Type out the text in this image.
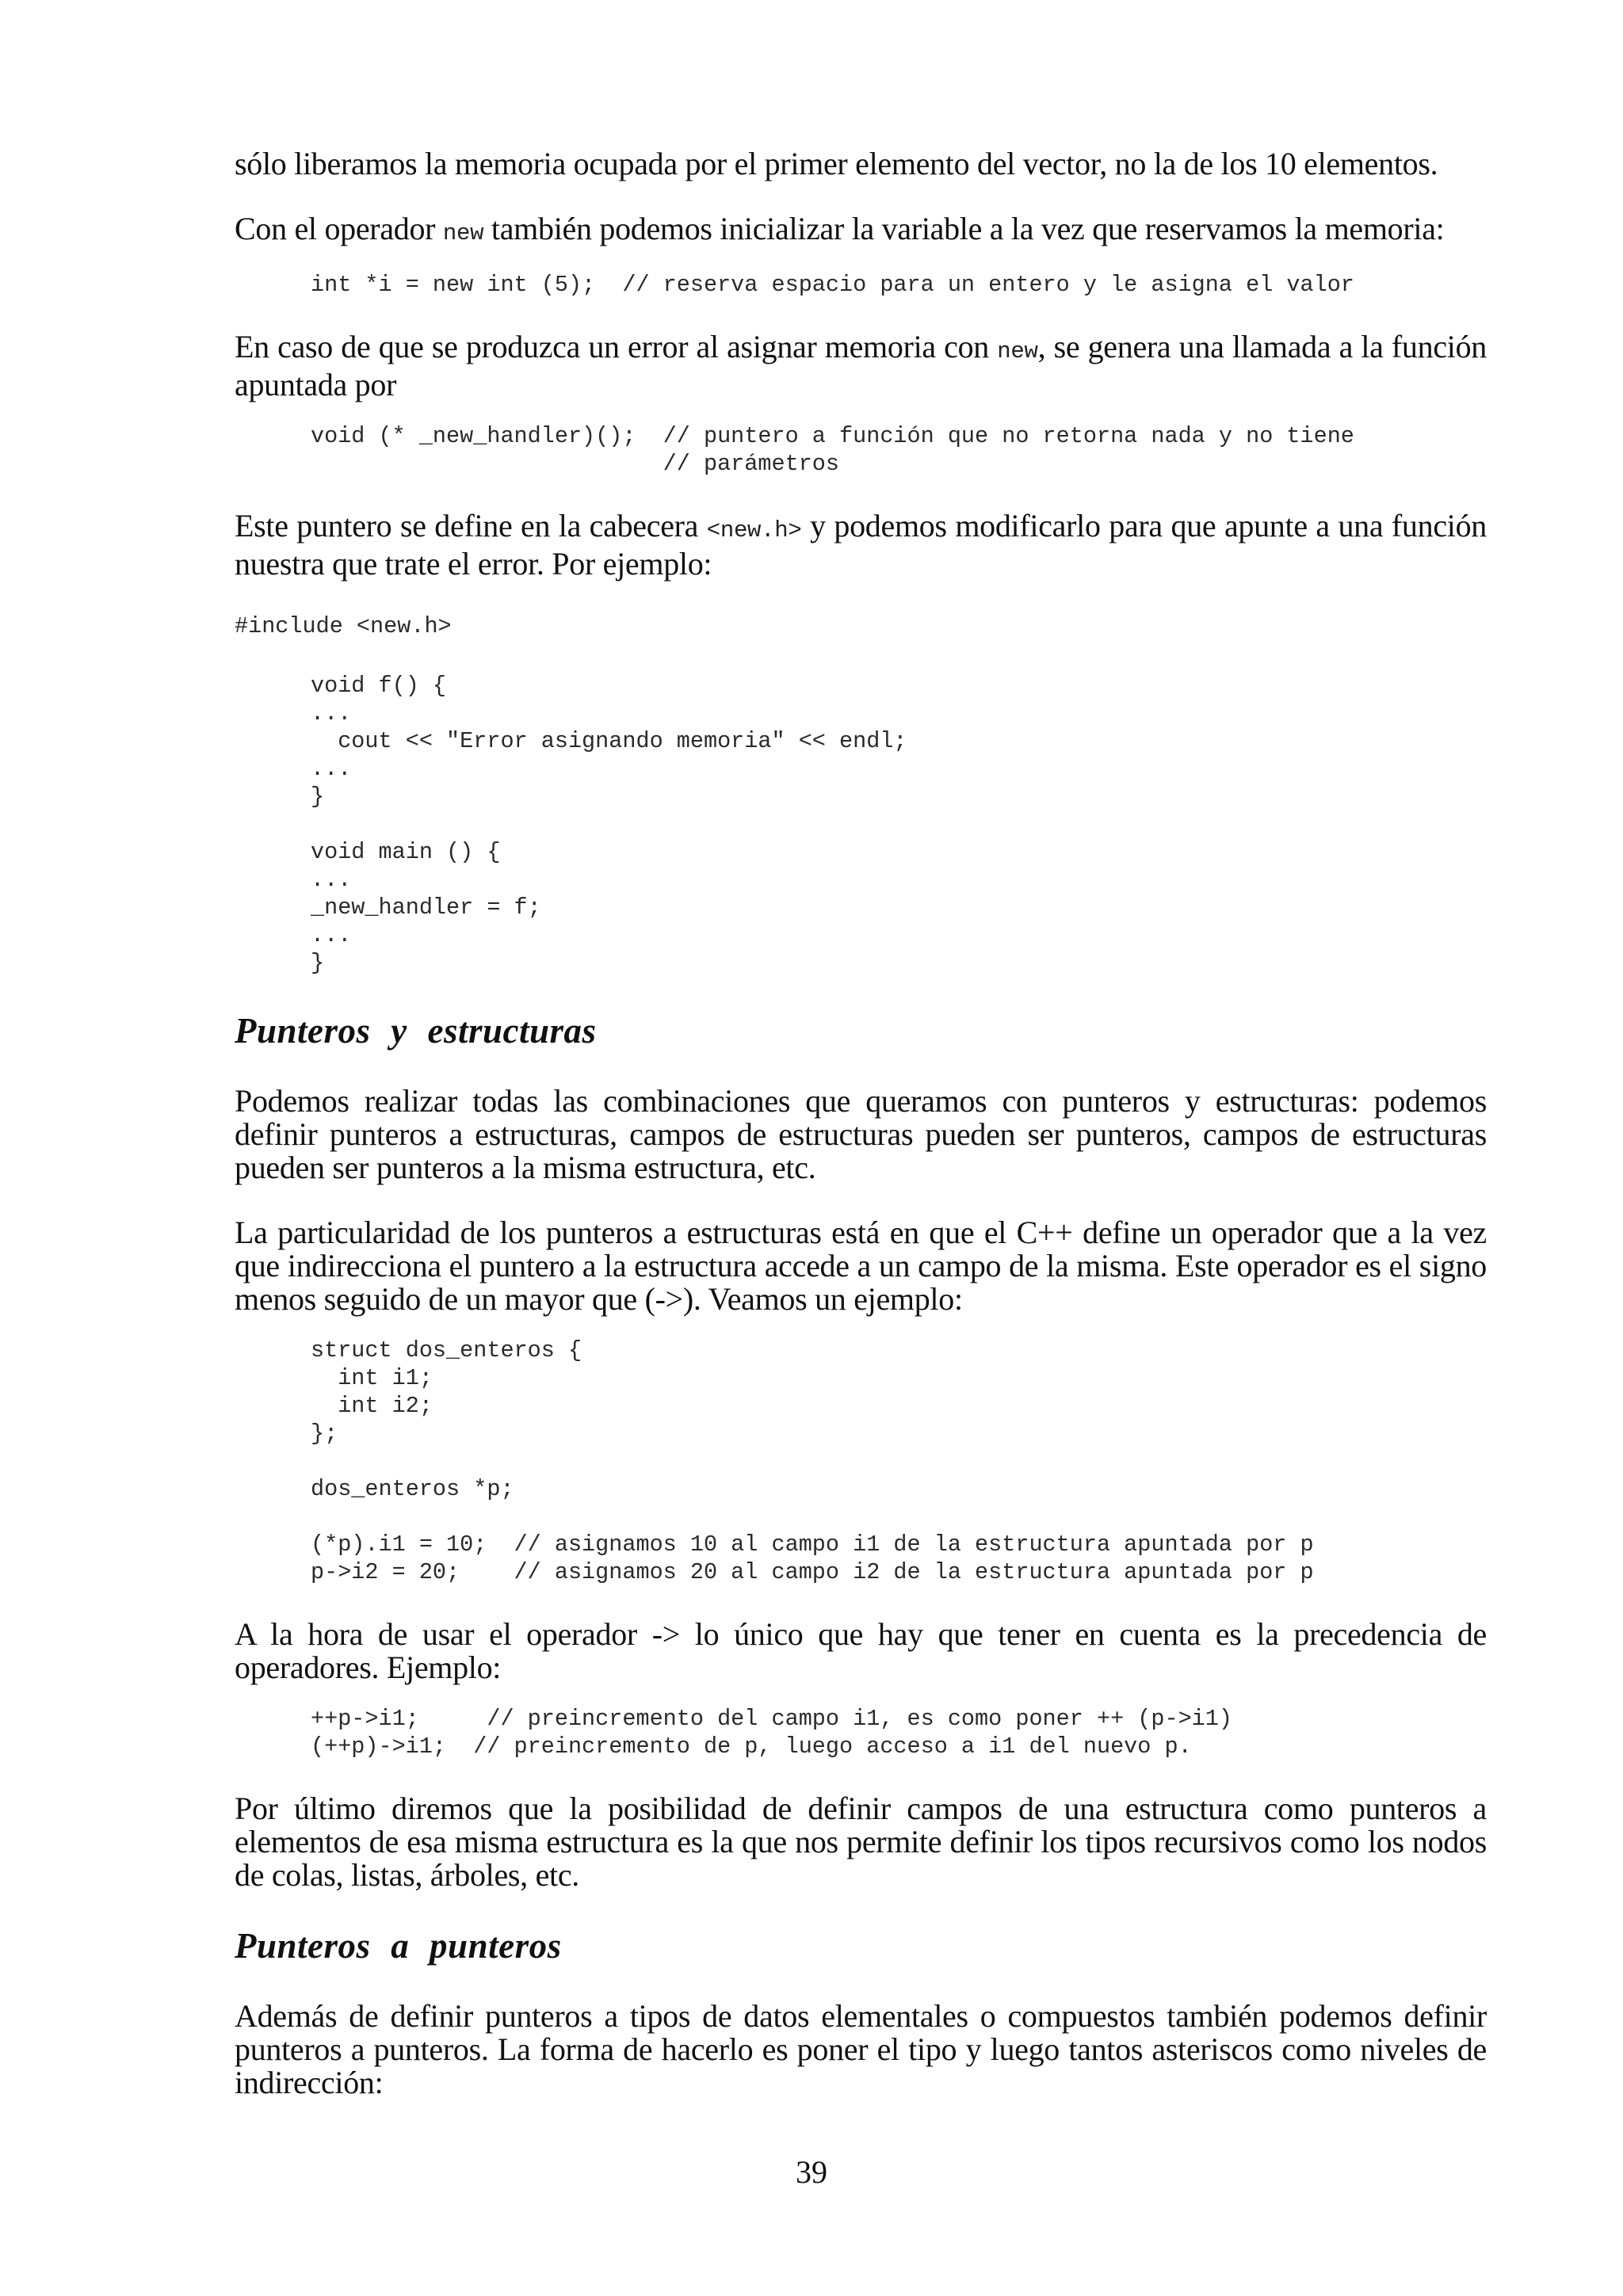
sólo liberamos la memoria ocupada por el primer elemento del vector, no la de los 10 elementos.

Con el operador new también podemos inicializar la variable a la vez que reservamos la memoria:

int *i = new int (5);  // reserva espacio para un entero y le asigna el valor

En caso de que se produzca un error al asignar memoria con new, se genera una llamada a la función apuntada por

void (* _new_handler)();  // puntero a función que no retorna nada y no tiene
// parámetros

Este puntero se define en la cabecera <new.h> y podemos modificarlo para que apunte a una función nuestra que trate el error. Por ejemplo:

#include <new.h>
void f() {
...
cout << "Error asignando memoria" << endl;
...
}

void main () {
...
_new_handler = f;
...
}
Punteros y estructuras

Podemos realizar todas las combinaciones que queramos con punteros y estructuras: podemos definir punteros a estructuras, campos de estructuras pueden ser punteros, campos de estructuras pueden ser punteros a la misma estructura, etc.

La particularidad de los punteros a estructuras está en que el C++ define un operador que a la vez que indirecciona el puntero a la estructura accede a un campo de la misma. Este operador es el signo menos seguido de un mayor que (->). Veamos un ejemplo:

struct dos_enteros {
int i1;
int i2;
};

dos_enteros *p;

(*p).i1 = 10;  // asignamos 10 al campo i1 de la estructura apuntada por p
p->i2 = 20;    // asignamos 20 al campo i2 de la estructura apuntada por p

A la hora de usar el operador -> lo único que hay que tener en cuenta es la precedencia de operadores. Ejemplo:

++p->i1;     // preincremento del campo i1, es como poner ++ (p->i1)
(++p)->i1;  // preincremento de p, luego acceso a i1 del nuevo p.

Por último diremos que la posibilidad de definir campos de una estructura como punteros a elementos de esa misma estructura es la que nos permite definir los tipos recursivos como los nodos de colas, listas, árboles, etc.

Punteros a punteros

Además de definir punteros a tipos de datos elementales o compuestos también podemos definir punteros a punteros. La forma de hacerlo es poner el tipo y luego tantos asteriscos como niveles de indirección:

39
